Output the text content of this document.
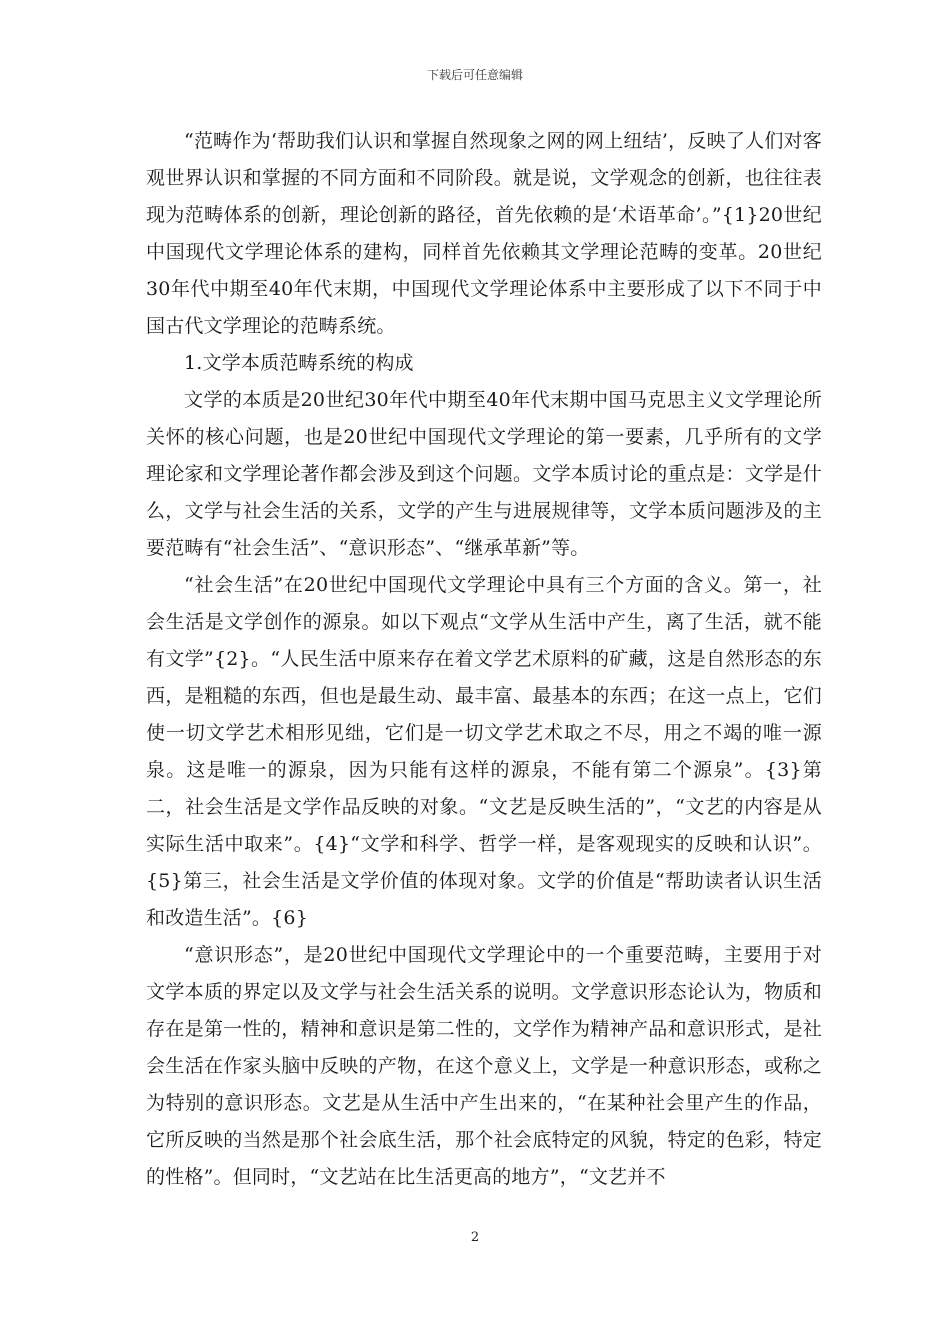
下载后可任意编辑

“范畴作为‘帮助我们认识和掌握自然现象之网的网上纽结’，反映了人们对客观世界认识和掌握的不同方面和不同阶段。就是说，文学观念的创新，也往往表现为范畴体系的创新，理论创新的路径，首先依赖的是‘术语革命’。”{1}20世纪中国现代文学理论体系的建构，同样首先依赖其文学理论范畴的变革。20世纪30年代中期至40年代末期，中国现代文学理论体系中主要形成了以下不同于中国古代文学理论的范畴系统。

1.文学本质范畴系统的构成

文学的本质是20世纪30年代中期至40年代末期中国马克思主义文学理论所关怀的核心问题，也是20世纪中国现代文学理论的第一要素，几乎所有的文学理论家和文学理论著作都会涉及到这个问题。文学本质讨论的重点是：文学是什么，文学与社会生活的关系，文学的产生与进展规律等，文学本质问题涉及的主要范畴有“社会生活”、“意识形态”、“继承革新”等。

“社会生活”在20世纪中国现代文学理论中具有三个方面的含义。第一，社会生活是文学创作的源泉。如以下观点“文学从生活中产生，离了生活，就不能有文学”{2}。“人民生活中原来存在着文学艺术原料的矿藏，这是自然形态的东西，是粗糙的东西，但也是最生动、最丰富、最基本的东西；在这一点上，它们使一切文学艺术相形见绌，它们是一切文学艺术取之不尽，用之不竭的唯一源泉。这是唯一的源泉，因为只能有这样的源泉，不能有第二个源泉”。{3}第二，社会生活是文学作品反映的对象。“文艺是反映生活的”，“文艺的内容是从实际生活中取来”。{4}“文学和科学、哲学一样，是客观现实的反映和认识”。{5}第三，社会生活是文学价值的体现对象。文学的价值是“帮助读者认识生活和改造生活”。{6}

“意识形态”，是20世纪中国现代文学理论中的一个重要范畴，主要用于对文学本质的界定以及文学与社会生活关系的说明。文学意识形态论认为，物质和存在是第一性的，精神和意识是第二性的，文学作为精神产品和意识形式，是社会生活在作家头脑中反映的产物，在这个意义上，文学是一种意识形态，或称之为特别的意识形态。文艺是从生活中产生出来的，“在某种社会里产生的作品，它所反映的当然是那个社会底生活，那个社会底特定的风貌，特定的色彩，特定的性格”。但同时，“文艺站在比生活更高的地方”，“文艺并不

2
